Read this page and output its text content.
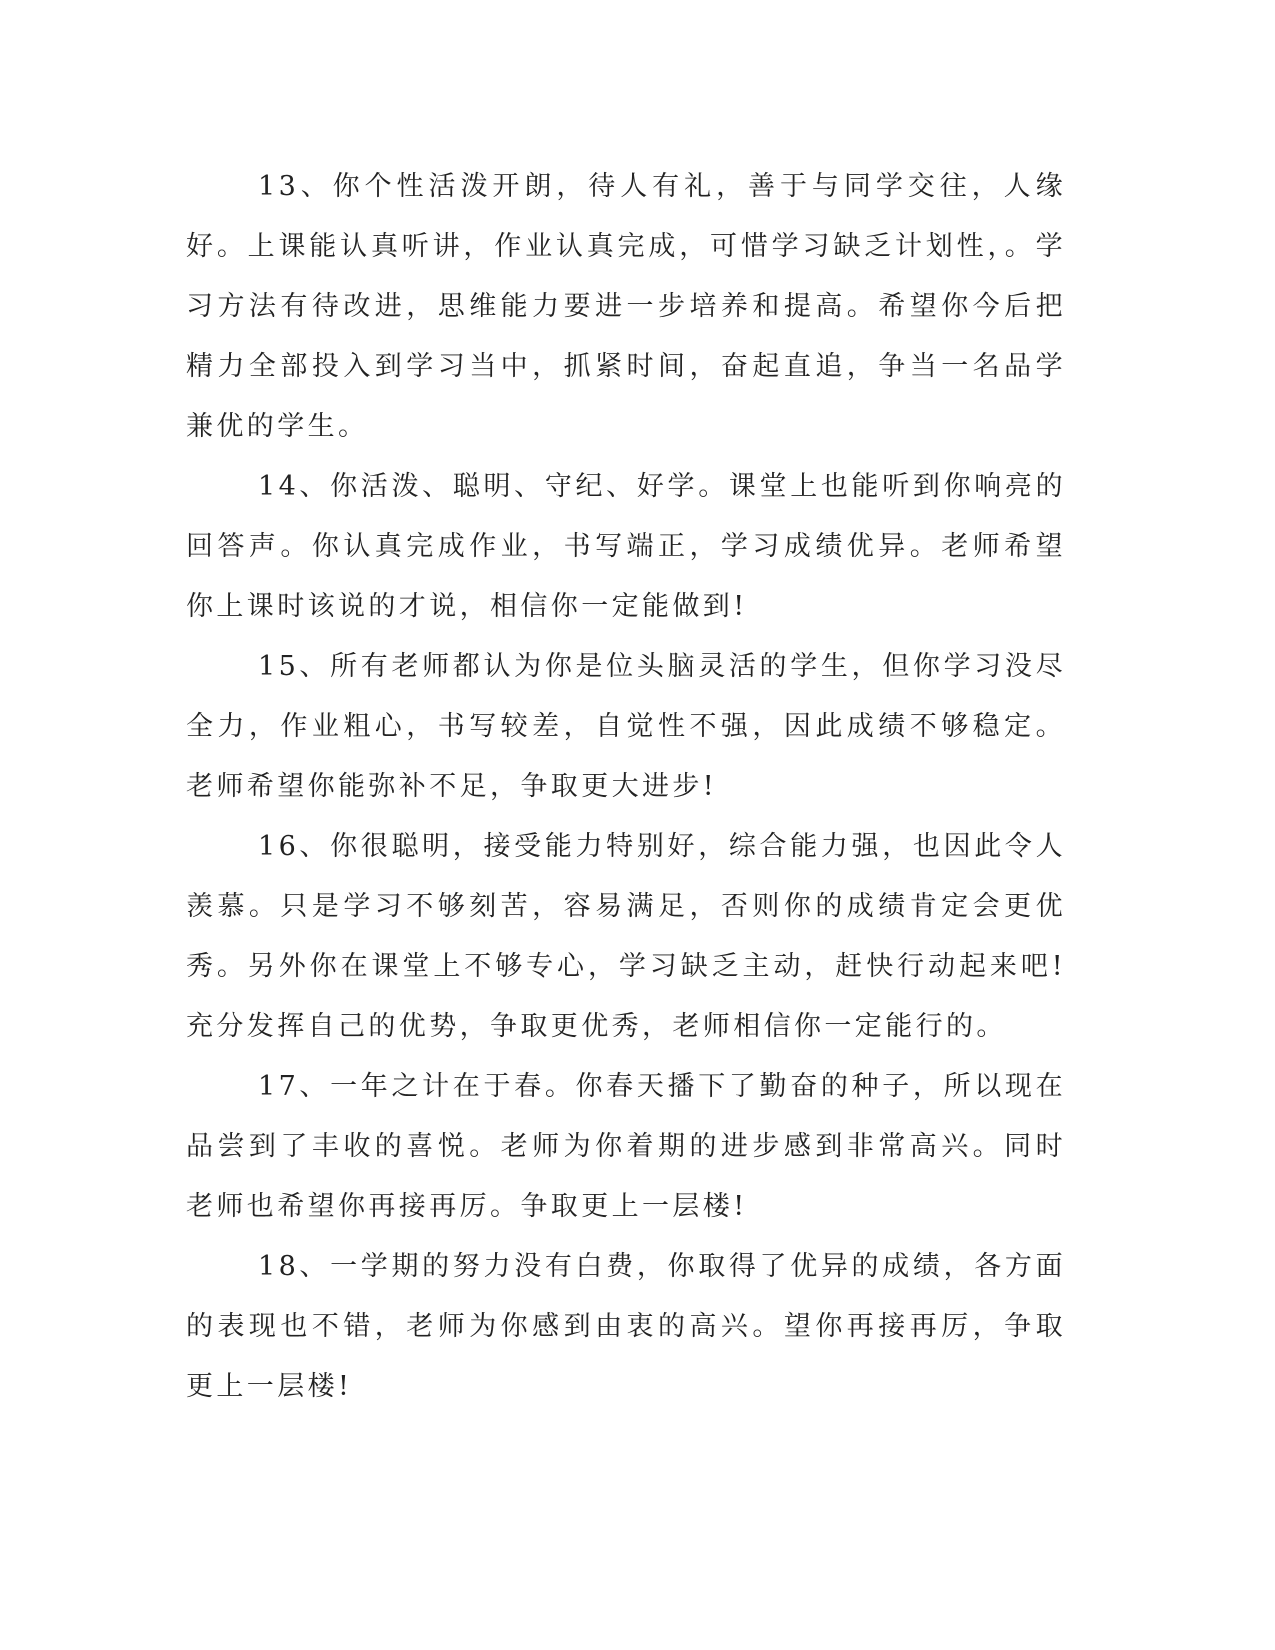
13、你个性活泼开朗，待人有礼，善于与同学交往，人缘好。上课能认真听讲，作业认真完成，可惜学习缺乏计划性，。学习方法有待改进，思维能力要进一步培养和提高。希望你今后把精力全部投入到学习当中，抓紧时间，奋起直追，争当一名品学兼优的学生。

14、你活泼、聪明、守纪、好学。课堂上也能听到你响亮的回答声。你认真完成作业，书写端正，学习成绩优异。老师希望你上课时该说的才说，相信你一定能做到!

15、所有老师都认为你是位头脑灵活的学生，但你学习没尽全力，作业粗心，书写较差，自觉性不强，因此成绩不够稳定。老师希望你能弥补不足，争取更大进步!

16、你很聪明，接受能力特别好，综合能力强，也因此令人羡慕。只是学习不够刻苦，容易满足，否则你的成绩肯定会更优秀。另外你在课堂上不够专心，学习缺乏主动，赶快行动起来吧!充分发挥自己的优势，争取更优秀，老师相信你一定能行的。

17、一年之计在于春。你春天播下了勤奋的种子，所以现在品尝到了丰收的喜悦。老师为你着期的进步感到非常高兴。同时老师也希望你再接再厉。争取更上一层楼!

18、一学期的努力没有白费，你取得了优异的成绩，各方面的表现也不错，老师为你感到由衷的高兴。望你再接再厉，争取更上一层楼!
